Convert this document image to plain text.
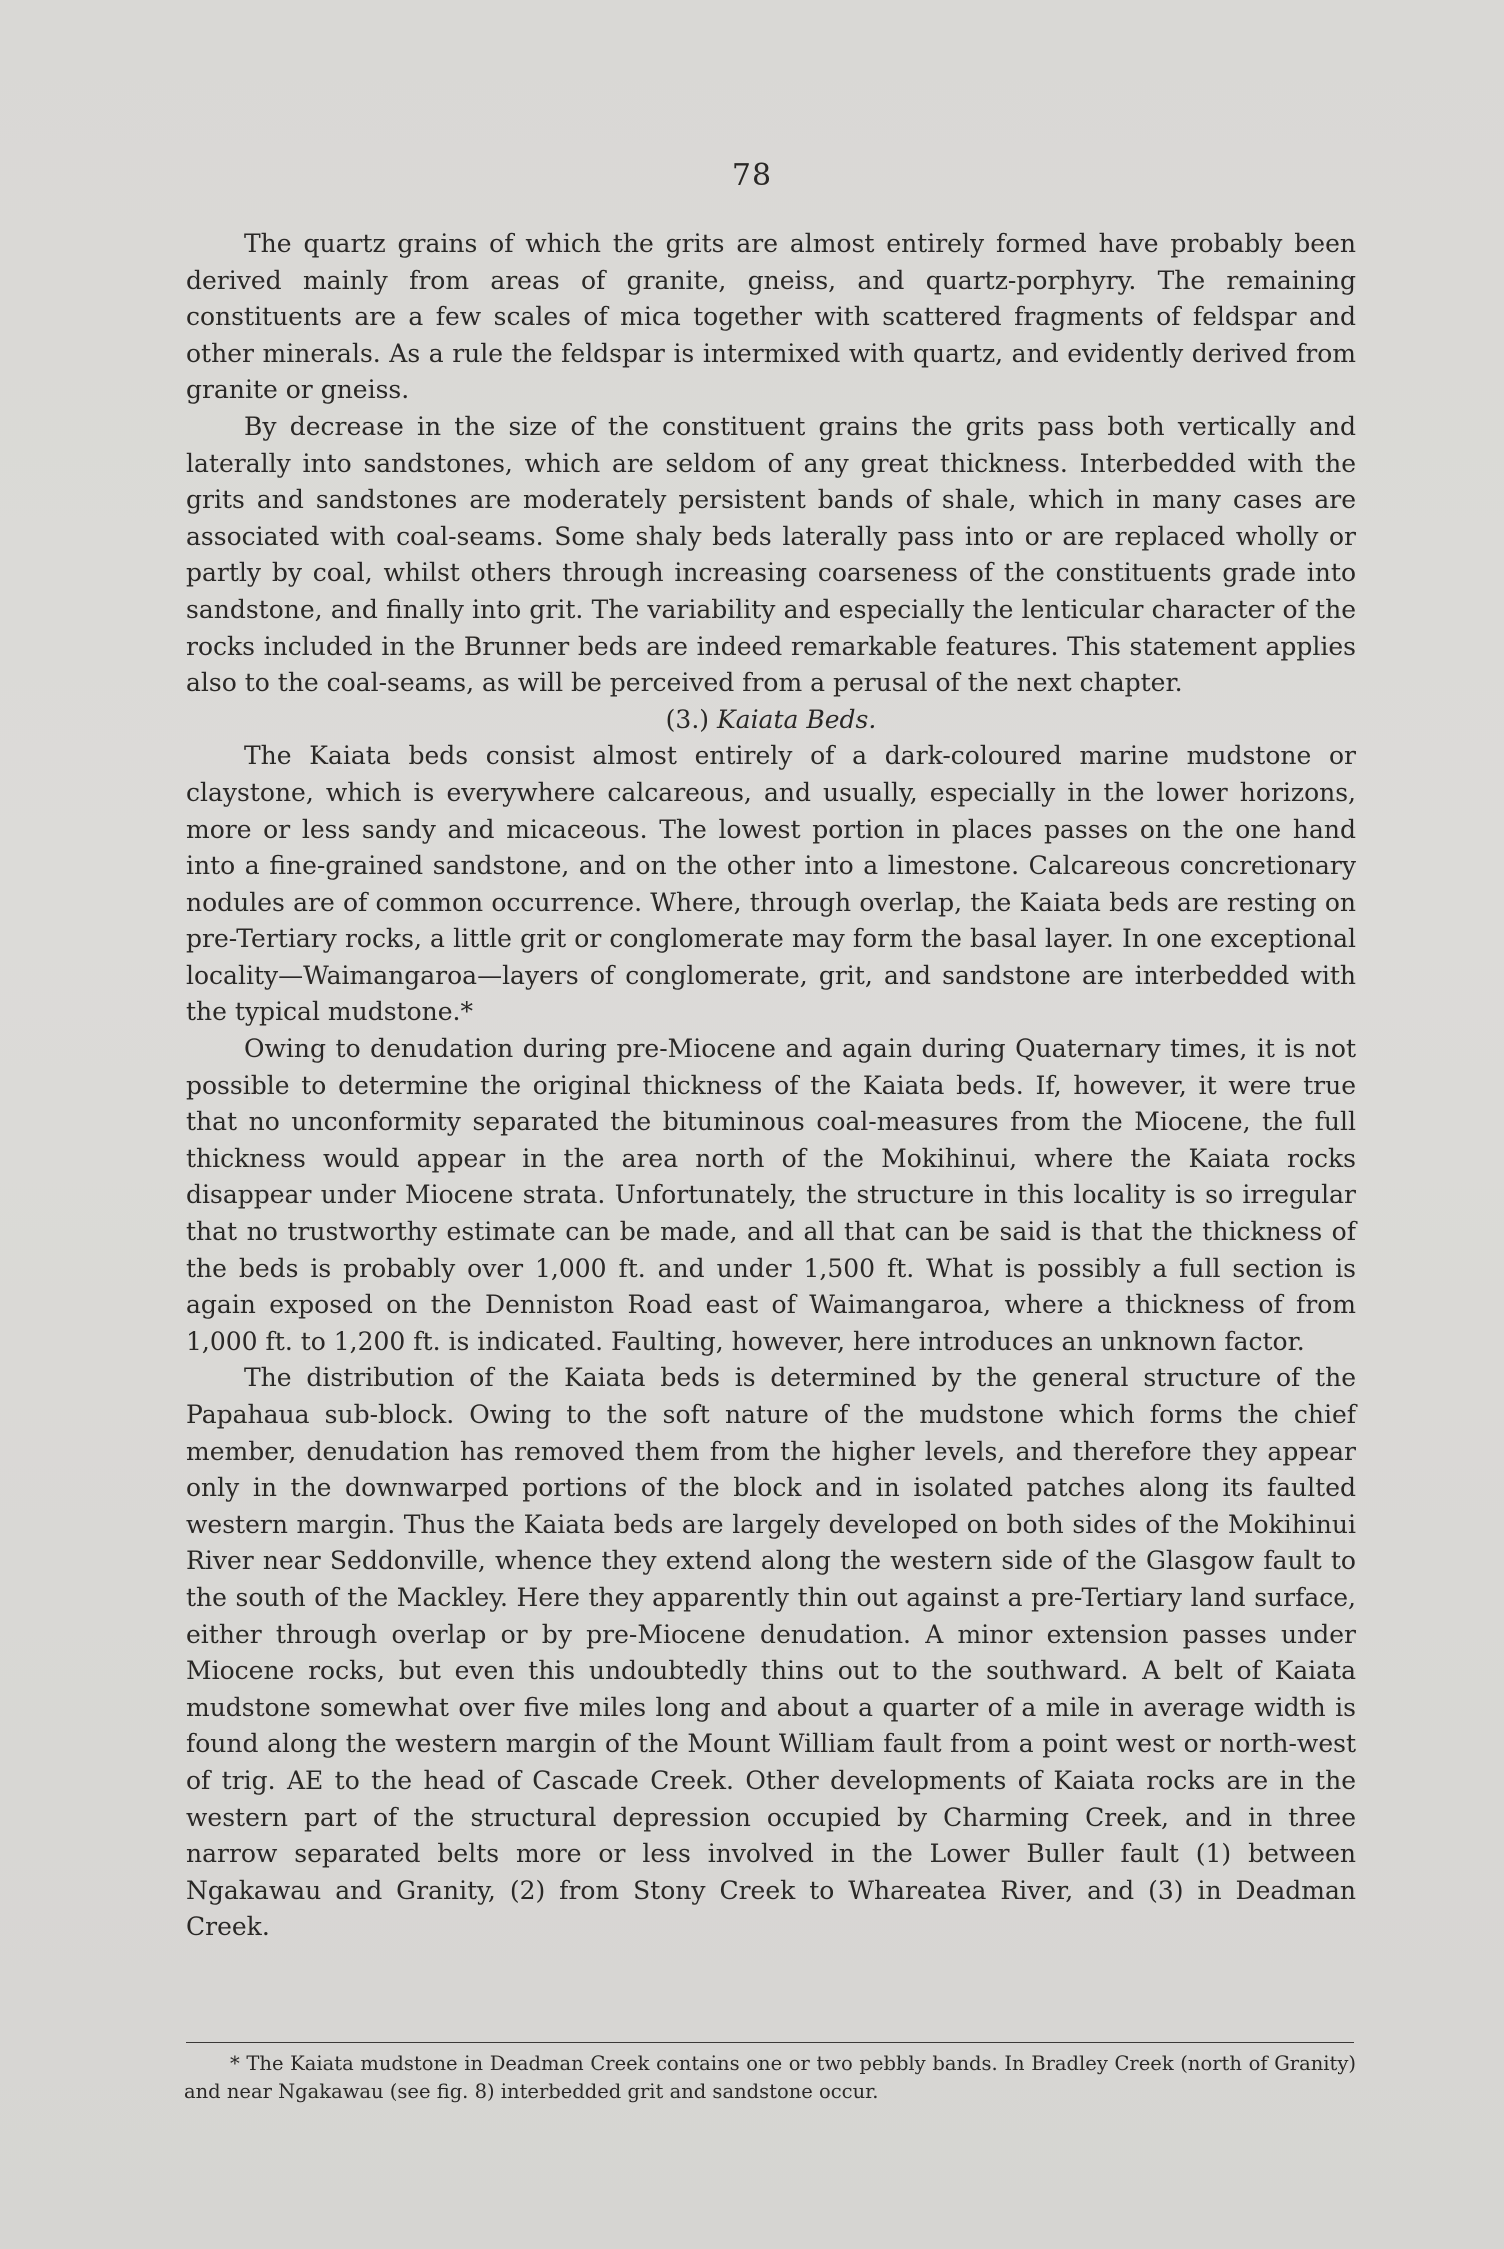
78

The quartz grains of which the grits are almost entirely formed have probably been derived mainly from areas of granite, gneiss, and quartz-porphyry. The remaining constituents are a few scales of mica together with scattered fragments of feldspar and other minerals. As a rule the feldspar is intermixed with quartz, and evidently derived from granite or gneiss.

By decrease in the size of the constituent grains the grits pass both vertically and laterally into sandstones, which are seldom of any great thickness. Interbedded with the grits and sandstones are moderately persistent bands of shale, which in many cases are associated with coal-seams. Some shaly beds laterally pass into or are replaced wholly or partly by coal, whilst others through increasing coarseness of the constituents grade into sandstone, and finally into grit. The variability and especially the lenticular character of the rocks included in the Brunner beds are indeed remarkable features. This statement applies also to the coal-seams, as will be perceived from a perusal of the next chapter.

(3.) Kaiata Beds.

The Kaiata beds consist almost entirely of a dark-coloured marine mudstone or claystone, which is everywhere calcareous, and usually, especially in the lower horizons, more or less sandy and micaceous. The lowest portion in places passes on the one hand into a fine-grained sandstone, and on the other into a limestone. Calcareous concretionary nodules are of common occurrence. Where, through overlap, the Kaiata beds are resting on pre-Tertiary rocks, a little grit or conglomerate may form the basal layer. In one exceptional locality—Waimangaroa—layers of conglomerate, grit, and sandstone are interbedded with the typical mudstone.*

Owing to denudation during pre-Miocene and again during Quaternary times, it is not possible to determine the original thickness of the Kaiata beds. If, however, it were true that no unconformity separated the bituminous coal-measures from the Miocene, the full thickness would appear in the area north of the Mokihinui, where the Kaiata rocks disappear under Miocene strata. Unfortunately, the structure in this locality is so irregular that no trustworthy estimate can be made, and all that can be said is that the thickness of the beds is probably over 1,000 ft. and under 1,500 ft. What is possibly a full section is again exposed on the Denniston Road east of Waimangaroa, where a thickness of from 1,000 ft. to 1,200 ft. is indicated. Faulting, however, here introduces an unknown factor.

The distribution of the Kaiata beds is determined by the general structure of the Papahaua sub-block. Owing to the soft nature of the mudstone which forms the chief member, denudation has removed them from the higher levels, and therefore they appear only in the downwarped portions of the block and in isolated patches along its faulted western margin. Thus the Kaiata beds are largely developed on both sides of the Mokihinui River near Seddonville, whence they extend along the western side of the Glasgow fault to the south of the Mackley. Here they apparently thin out against a pre-Tertiary land surface, either through overlap or by pre-Miocene denudation. A minor extension passes under Miocene rocks, but even this undoubtedly thins out to the southward. A belt of Kaiata mudstone somewhat over five miles long and about a quarter of a mile in average width is found along the western margin of the Mount William fault from a point west or north-west of trig. AE to the head of Cascade Creek. Other developments of Kaiata rocks are in the western part of the structural depression occupied by Charming Creek, and in three narrow separated belts more or less involved in the Lower Buller fault (1) between Ngakawau and Granity, (2) from Stony Creek to Whareatea River, and (3) in Deadman Creek.

* The Kaiata mudstone in Deadman Creek contains one or two pebbly bands. In Bradley Creek (north of Granity) and near Ngakawau (see fig. 8) interbedded grit and sandstone occur.
